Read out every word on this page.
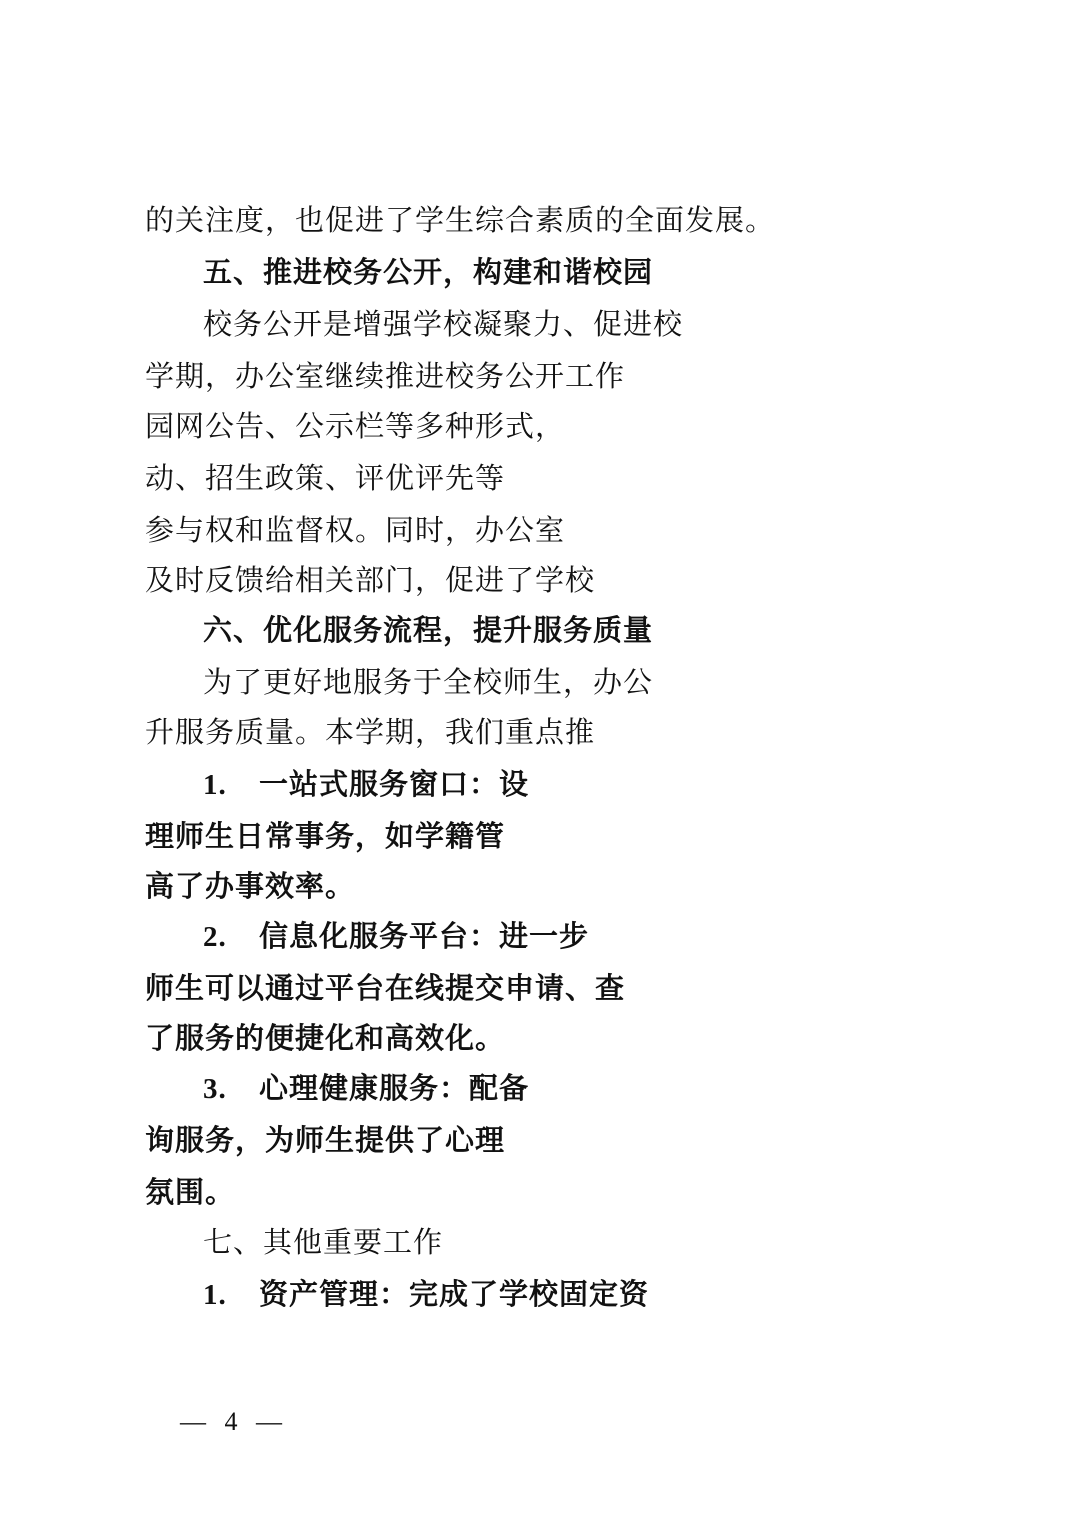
的关注度，也促进了学生综合素质的全面发展。
五、推进校务公开，构建和谐校园
校务公开是增强学校凝聚力、促进校
学期，办公室继续推进校务公开工作
园网公告、公示栏等多种形式，
动、招生政策、评优评先等
参与权和监督权。同时，办公室
及时反馈给相关部门，促进了学校
六、优化服务流程，提升服务质量
为了更好地服务于全校师生，办公
升服务质量。本学期，我们重点推
1. 一站式服务窗口：设
理师生日常事务，如学籍管
高了办事效率。
2. 信息化服务平台：进一步
师生可以通过平台在线提交申请、查
了服务的便捷化和高效化。
3. 心理健康服务：配备
询服务，为师生提供了心理
氛围。
七、其他重要工作
1. 资产管理：完成了学校固定资
— 4 —
